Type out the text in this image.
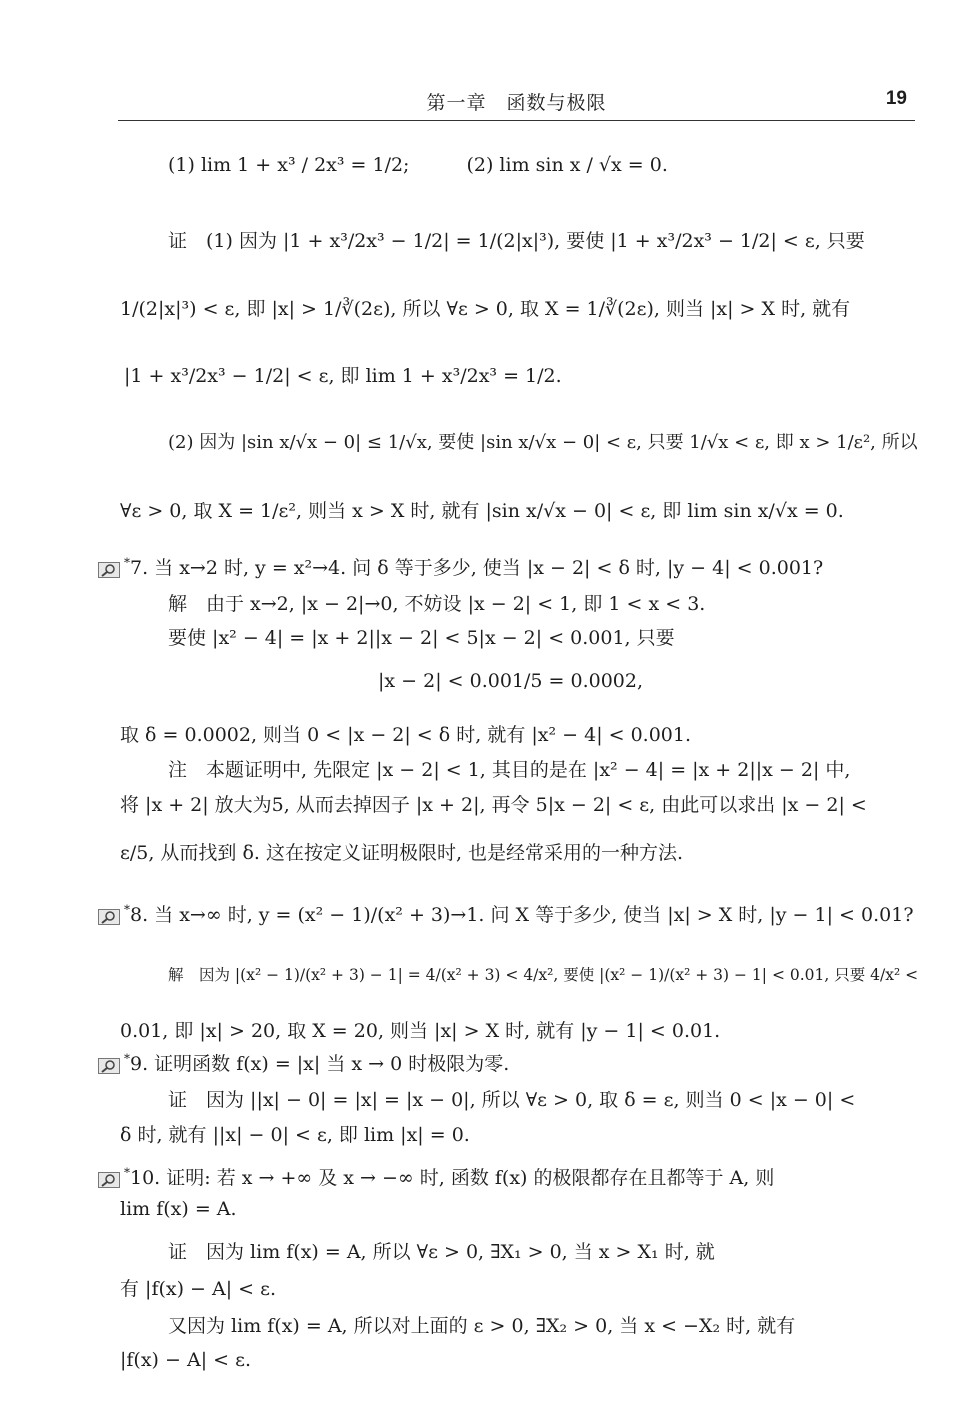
第一章　函数与极限	19
(1) lim 1 + x³ / 2x³ = 1/2;　　　(2) lim sin x / √x = 0.
证　(1) 因为 |1 + x³/2x³ − 1/2| = 1/(2|x|³), 要使 |1 + x³/2x³ − 1/2| < ε, 只要
1/(2|x|³) < ε, 即 |x| > 1/∛(2ε), 所以 ∀ε > 0, 取 X = 1/∛(2ε), 则当 |x| > X 时, 就有
|1 + x³/2x³ − 1/2| < ε, 即 lim 1 + x³/2x³ = 1/2.
(2) 因为 |sin x/√x − 0| ≤ 1/√x, 要使 |sin x/√x − 0| < ε, 只要 1/√x < ε, 即 x > 1/ε², 所以
∀ε > 0, 取 X = 1/ε², 则当 x > X 时, 就有 |sin x/√x − 0| < ε, 即 lim sin x/√x = 0.
*7. 当 x→2 时, y = x²→4. 问 δ 等于多少, 使当 |x − 2| < δ 时, |y − 4| < 0.001?
解　由于 x→2, |x − 2|→0, 不妨设 |x − 2| < 1, 即 1 < x < 3.
要使 |x² − 4| = |x + 2||x − 2| < 5|x − 2| < 0.001, 只要
|x − 2| < 0.001/5 = 0.0002,
取 δ = 0.0002, 则当 0 < |x − 2| < δ 时, 就有 |x² − 4| < 0.001.
注　本题证明中, 先限定 |x − 2| < 1, 其目的是在 |x² − 4| = |x + 2||x − 2| 中,
将 |x + 2| 放大为5, 从而去掉因子 |x + 2|, 再令 5|x − 2| < ε, 由此可以求出 |x − 2| <
ε/5, 从而找到 δ. 这在按定义证明极限时, 也是经常采用的一种方法.
*8. 当 x→∞ 时, y = (x² − 1)/(x² + 3)→1. 问 X 等于多少, 使当 |x| > X 时, |y − 1| < 0.01?
解　因为 |(x² − 1)/(x² + 3) − 1| = 4/(x² + 3) < 4/x², 要使 |(x² − 1)/(x² + 3) − 1| < 0.01, 只要 4/x² <
0.01, 即 |x| > 20, 取 X = 20, 则当 |x| > X 时, 就有 |y − 1| < 0.01.
*9. 证明函数 f(x) = |x| 当 x → 0 时极限为零.
证　因为 ||x| − 0| = |x| = |x − 0|, 所以 ∀ε > 0, 取 δ = ε, 则当 0 < |x − 0| <
δ 时, 就有 ||x| − 0| < ε, 即 lim |x| = 0.
*10. 证明: 若 x → +∞ 及 x → −∞ 时, 函数 f(x) 的极限都存在且都等于 A, 则
lim f(x) = A.
证　因为 lim f(x) = A, 所以 ∀ε > 0, ∃X₁ > 0, 当 x > X₁ 时, 就
有 |f(x) − A| < ε.
又因为 lim f(x) = A, 所以对上面的 ε > 0, ∃X₂ > 0, 当 x < −X₂ 时, 就有
|f(x) − A| < ε.
